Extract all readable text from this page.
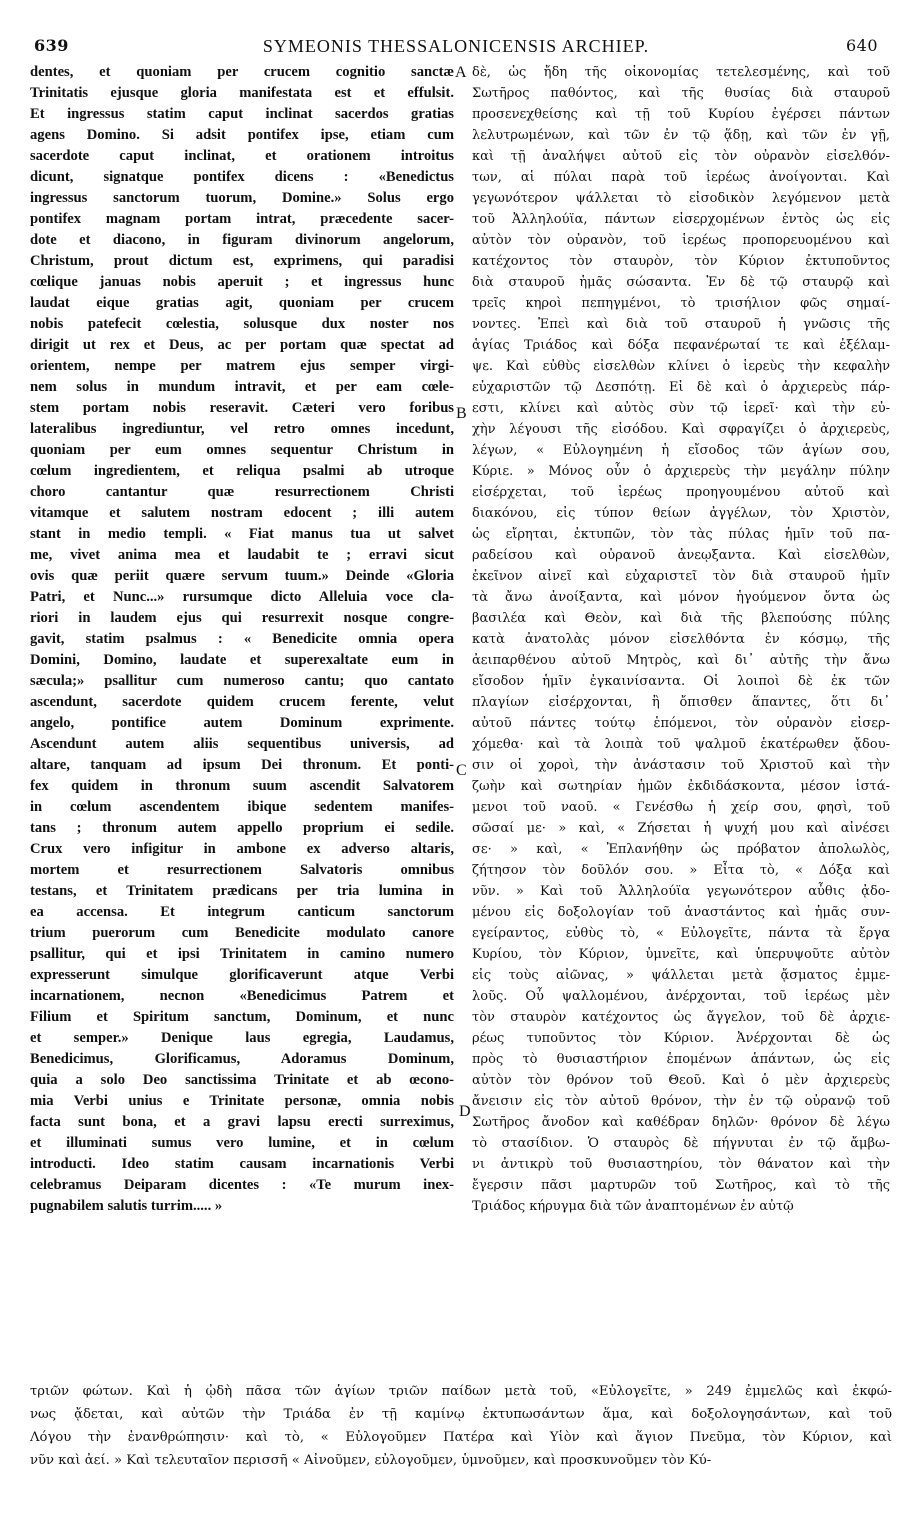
639	SYMEONIS THESSALONICENSIS ARCHIEP.	640
dentes, et quoniam per crucem cognitio sanctæ
Trinitatis ejusque gloria manifestata est et effulsit.
Et ingressus statim caput inclinat sacerdos gratias
agens Domino. Si adsit pontifex ipse, etiam cum
sacerdote caput inclinat, et orationem introitus
dicunt, signatque pontifex dicens : «Benedictus
ingressus sanctorum tuorum, Domine.» Solus ergo
pontifex magnam portam intrat, præcedente sacer-
dote et diacono, in figuram divinorum angelorum,
Christum, prout dictum est, exprimens, qui paradisi
cœlique januas nobis aperuit ; et ingressus hunc
laudat eique gratias agit, quoniam per crucem
nobis patefecit cœlestia, solusque dux noster nos
dirigit ut rex et Deus, ac per portam quæ spectat ad
orientem, nempe per matrem ejus semper virgi-
nem solus in mundum intravit, et per eam cœle-
stem portam nobis reseravit. Cæteri vero foribus
lateralibus ingrediuntur, vel retro omnes incedunt,
quoniam per eum omnes sequentur Christum in
cœlum ingredientem, et reliqua psalmi ab utroque
choro cantantur quæ resurrectionem Christi
vitamque et salutem nostram edocent ; illi autem
stant in medio templi. « Fiat manus tua ut salvet
me, vivet anima mea et laudabit te ; erravi sicut
ovis quæ periit quære servum tuum.» Deinde «Gloria
Patri, et Nunc...» rursumque dicto Alleluia voce cla-
riori in laudem ejus qui resurrexit nosque congre-
gavit, statim psalmus : « Benedicite omnia opera
Domini, Domino, laudate et superexaltate eum in
sæcula;» psallitur cum numeroso cantu; quo cantato
ascendunt, sacerdote quidem crucem ferente, velut
angelo, pontifice autem Dominum exprimente.
Ascendunt autem aliis sequentibus universis, ad
altare, tanquam ad ipsum Dei thronum. Et ponti-
fex quidem in thronum suum ascendit Salvatorem
in cœlum ascendentem ibique sedentem manifes-
tans ; thronum autem appello proprium ei sedile.
Crux vero infigitur in ambone ex adverso altaris,
mortem et resurrectionem Salvatoris omnibus
testans, et Trinitatem prædicans per tria lumina in
ea accensa. Et integrum canticum sanctorum
trium puerorum cum Benedicite modulato canore
psallitur, qui et ipsi Trinitatem in camino numero
expresserunt simulque glorificaverunt atque Verbi
incarnationem, necnon «Benedicimus Patrem et
Filium et Spiritum sanctum, Dominum, et nunc
et semper.» Denique laus egregia, Laudamus,
Benedicimus, Glorificamus, Adoramus Dominum,
quia a solo Deo sanctissima Trinitate et ab œcono-
mia Verbi unius e Trinitate personæ, omnia nobis
facta sunt bona, et a gravi lapsu erecti surreximus,
et illuminati sumus vero lumine, et in cœlum
introducti. Ideo statim causam incarnationis Verbi
celebramus Deiparam dicentes : «Te murum inex-
pugnabilem salutis turrim..... »
δὲ, ὡς ἤδη τῆς οἰκονομίας τετελεσμένης, καὶ τοῦ
Σωτῆρος παθόντος, καὶ τῆς θυσίας διὰ σταυροῦ
προσενεχθείσης καὶ τῇ τοῦ Κυρίου ἐγέρσει πάντων
λελυτρωμένων, καὶ τῶν ἐν τῷ ᾅδῃ, καὶ τῶν ἐν γῇ,
καὶ τῇ ἀναλήψει αὐτοῦ εἰς τὸν οὐρανὸν εἰσελθόν-
των, αἱ πύλαι παρὰ τοῦ ἱερέως ἀνοίγονται. Καὶ
γεγωνότερον ψάλλεται τὸ εἰσοδικὸν λεγόμενον μετὰ
τοῦ Ἀλληλούϊα, πάντων εἰσερχομένων ἐντὸς ὡς εἰς
αὐτὸν τὸν οὐρανὸν, τοῦ ἱερέως προπορευομένου καὶ
κατέχοντος τὸν σταυρὸν, τὸν Κύριον ἐκτυποῦντος
διὰ σταυροῦ ἡμᾶς σώσαντα. Ἐν δὲ τῷ σταυρῷ καὶ
τρεῖς κηροὶ πεπηγμένοι, τὸ τρισήλιον φῶς σημαί-
νοντες. Ἐπεὶ καὶ διὰ τοῦ σταυροῦ ἡ γνῶσις τῆς
ἁγίας Τριάδος καὶ δόξα πεφανέρωταί τε καὶ ἐξέλαμ-
ψε. Καὶ εὐθὺς εἰσελθὼν κλίνει ὁ ἱερεὺς τὴν κεφαλὴν
εὐχαριστῶν τῷ Δεσπότῃ. Εἰ δὲ καὶ ὁ ἀρχιερεὺς πάρ-
εστι, κλίνει καὶ αὐτὸς σὺν τῷ ἱερεῖ· καὶ τὴν εὐ-
χὴν λέγουσι τῆς εἰσόδου. Καὶ σφραγίζει ὁ ἀρχιερεὺς,
λέγων, « Εὐλογημένη ἡ εἴσοδος τῶν ἁγίων σου,
Κύριε. » Μόνος οὖν ὁ ἀρχιερεὺς τὴν μεγάλην πύλην
εἰσέρχεται, τοῦ ἱερέως προηγουμένου αὐτοῦ καὶ
διακόνου, εἰς τύπον θείων ἀγγέλων, τὸν Χριστὸν,
ὡς εἴρηται, ἐκτυπῶν, τὸν τὰς πύλας ἡμῖν τοῦ πα-
ραδείσου καὶ οὐρανοῦ ἀνεῳξαντα. Καὶ εἰσελθὼν,
ἐκεῖνον αἰνεῖ καὶ εὐχαριστεῖ τὸν διὰ σταυροῦ ἡμῖν
τὰ ἄνω ἀνοίξαντα, καὶ μόνον ἡγούμενον ὄντα ὡς
βασιλέα καὶ Θεὸν, καὶ διὰ τῆς βλεπούσης πύλης
κατὰ ἀνατολὰς μόνον εἰσελθόντα ἐν κόσμῳ, τῆς
ἀειπαρθένου αὐτοῦ Μητρὸς, καὶ δι᾽ αὐτῆς τὴν ἄνω
εἴσοδον ἡμῖν ἐγκαινίσαντα. Οἱ λοιποὶ δὲ ἐκ τῶν
πλαγίων εἰσέρχονται, ἢ ὄπισθεν ἅπαντες, ὅτι δι᾽
αὐτοῦ πάντες τούτῳ ἑπόμενοι, τὸν οὐρανὸν εἰσερ-
χόμεθα· καὶ τὰ λοιπὰ τοῦ ψαλμοῦ ἑκατέρωθεν ᾄδου-
σιν οἱ χοροὶ, τὴν ἀνάστασιν τοῦ Χριστοῦ καὶ τὴν
ζωὴν καὶ σωτηρίαν ἡμῶν ἐκδιδάσκοντα, μέσον ἱστά-
μενοι τοῦ ναοῦ. « Γενέσθω ἡ χείρ σου, φησὶ, τοῦ
σῶσαί με· » καὶ, « Ζήσεται ἡ ψυχή μου καὶ αἰνέσει
σε· » καὶ, « Ἐπλανήθην ὡς πρόβατον ἀπολωλὸς,
ζήτησον τὸν δοῦλόν σου. » Εἶτα τὸ, « Δόξα καὶ
νῦν. » Καὶ τοῦ Ἀλληλούϊα γεγωνότερον αὖθις ᾀδο-
μένου εἰς δοξολογίαν τοῦ ἀναστάντος καὶ ἡμᾶς συν-
εγείραντος, εὐθὺς τὸ, « Εὐλογεῖτε, πάντα τὰ ἔργα
Κυρίου, τὸν Κύριον, ὑμνεῖτε, καὶ ὑπερυψοῦτε αὐτὸν
εἰς τοὺς αἰῶνας, » ψάλλεται μετὰ ᾄσματος ἐμμε-
λοῦς. Οὗ ψαλλομένου, ἀνέρχονται, τοῦ ἱερέως μὲν
τὸν σταυρὸν κατέχοντος ὡς ἄγγελον, τοῦ δὲ ἀρχιε-
ρέως τυποῦντος τὸν Κύριον. Ἀνέρχονται δὲ ὡς
πρὸς τὸ θυσιαστήριον ἑπομένων ἁπάντων, ὡς εἰς
αὐτὸν τὸν θρόνον τοῦ Θεοῦ. Καὶ ὁ μὲν ἀρχιερεὺς
ἄνεισιν εἰς τὸν αὐτοῦ θρόνον, τὴν ἐν τῷ οὐρανῷ τοῦ
Σωτῆρος ἄνοδον καὶ καθέδραν δηλῶν· θρόνον δὲ λέγω
τὸ στασίδιον. Ὁ σταυρὸς δὲ πήγνυται ἐν τῷ ἄμβω-
νι ἀντικρὺ τοῦ θυσιαστηρίου, τὸν θάνατον καὶ τὴν
ἔγερσιν πᾶσι μαρτυρῶν τοῦ Σωτῆρος, καὶ τὸ τῆς
Τριάδος κήρυγμα διὰ τῶν ἀναπτομένων ἐν αὐτῷ
A
B
C
D
τριῶν φώτων. Καὶ ἡ ᾠδὴ πᾶσα τῶν ἁγίων τριῶν παίδων μετὰ τοῦ, «Εὐλογεῖτε, » 249 ἐμμελῶς καὶ ἐκφώ-
νως ᾄδεται, καὶ αὐτῶν τὴν Τριάδα ἐν τῇ καμίνῳ ἐκτυπωσάντων ἅμα, καὶ δοξολογησάντων, καὶ τοῦ
Λόγου τὴν ἐνανθρώπησιν· καὶ τὸ, « Εὐλογοῦμεν Πατέρα καὶ Υἱὸν καὶ ἅγιον Πνεῦμα, τὸν Κύριον, καὶ
νῦν καὶ ἀεί. » Καὶ τελευταῖον περισσῆ « Αἰνοῦμεν, εὐλογοῦμεν, ὑμνοῦμεν, καὶ προσκυνοῦμεν τὸν Κύ-
